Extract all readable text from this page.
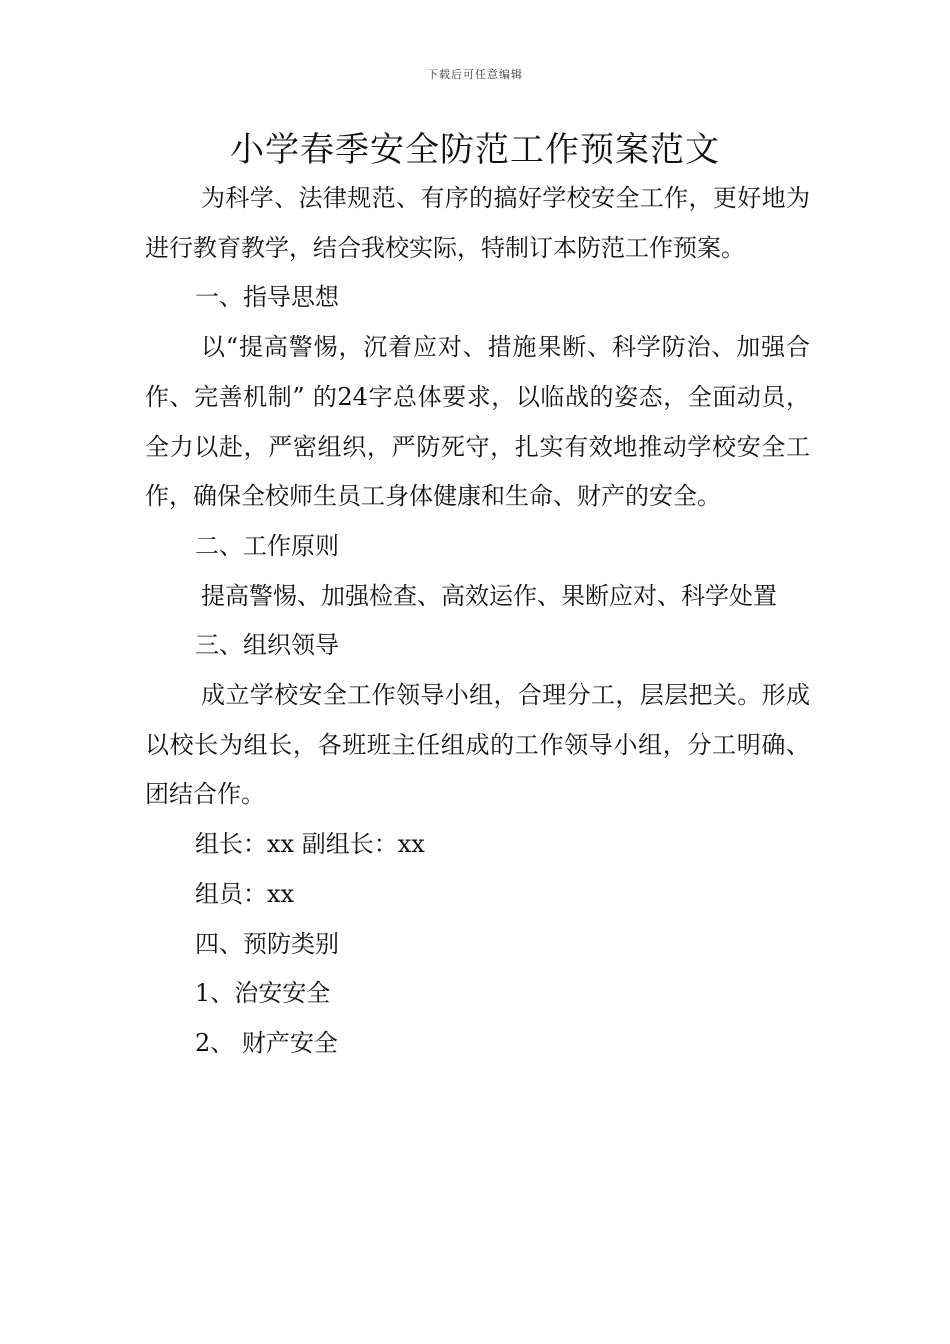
下载后可任意编辑
小学春季安全防范工作预案范文

为科学、法律规范、有序的搞好学校安全工作，更好地为进行教育教学，结合我校实际，特制订本防范工作预案。

一、指导思想

以“提高警惕，沉着应对、措施果断、科学防治、加强合作、完善机制” 的24字总体要求，以临战的姿态，全面动员，全力以赴，严密组织，严防死守，扎实有效地推动学校安全工作，确保全校师生员工身体健康和生命、财产的安全。

二、工作原则

提高警惕、加强检查、高效运作、果断应对、科学处置

三、组织领导

成立学校安全工作领导小组，合理分工，层层把关。形成以校长为组长，各班班主任组成的工作领导小组，分工明确、团结合作。

组长：xx 副组长：xx

组员：xx

四、预防类别

1、治安安全

2、 财产安全
